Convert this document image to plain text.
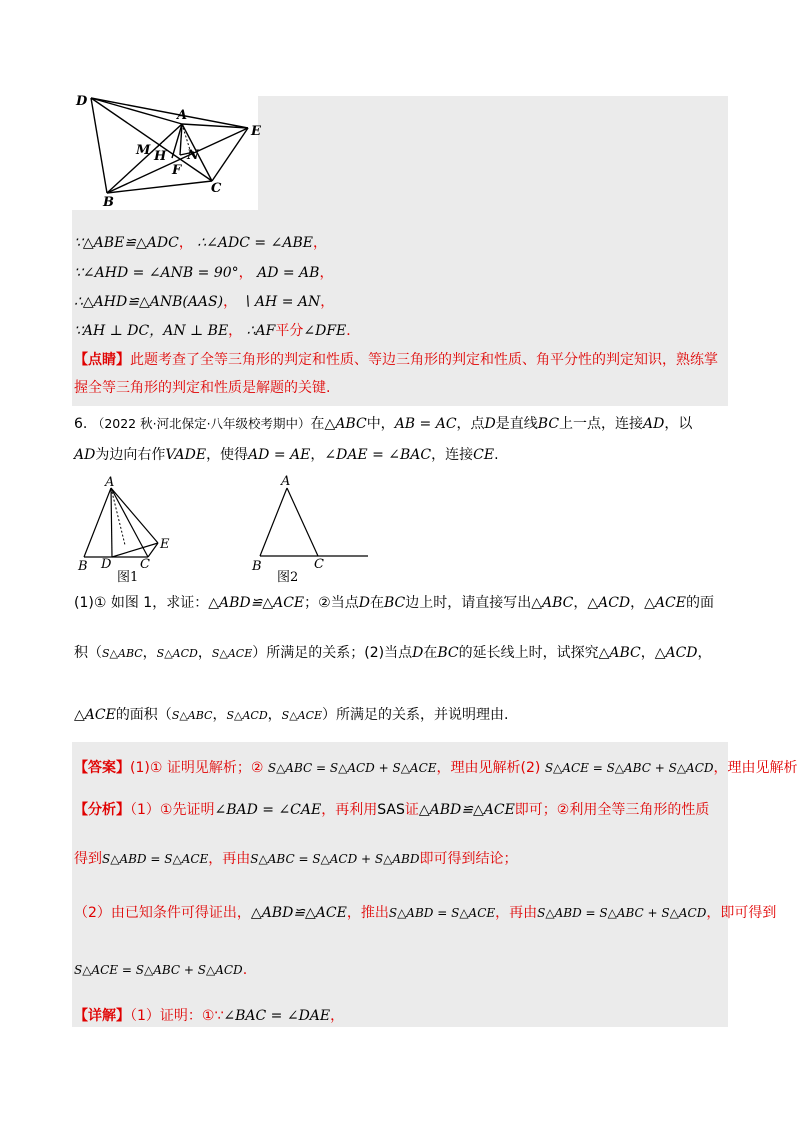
D
A
E
M H N
F
B
C
∵△ABE≌△ADC， ∴∠ADC = ∠ABE，
∵∠AHD = ∠ANB = 90°， AD = AB，
∴△AHD≌△ANB(AAS)， ∖ AH = AN，
∵AH ⊥ DC，AN ⊥ BE， ∴AF平分∠DFE．
【点睛】此题考查了全等三角形的判定和性质、等边三角形的判定和性质、角平分性的判定知识，熟练掌
握全等三角形的判定和性质是解题的关键.
6. （2022 秋·河北保定·八年级校考期中）在△ABC中，AB = AC，点D是直线BC上一点，连接AD，以
AD为边向右作VADE，使得AD = AE，∠DAE = ∠BAC，连接CE.
A
B D C
E
图1
A
B	C
图2
(1)① 如图 1，求证：△ABD≌△ACE；②当点D在BC边上时，请直接写出△ABC，△ACD，△ACE的面
积（S△ABC，S△ACD，S△ACE）所满足的关系；(2)当点D在BC的延长线上时，试探究△ABC，△ACD，
△ACE的面积（S△ABC，S△ACD，S△ACE）所满足的关系，并说明理由.
【答案】(1)① 证明见解析；② S△ABC = S△ACD + S△ACE，理由见解析(2) S△ACE = S△ABC + S△ACD，理由见解析
【分析】（1）①先证明∠BAD = ∠CAE，再利用SAS证△ABD≌△ACE即可；②利用全等三角形的性质
得到S△ABD = S△ACE，再由S△ABC = S△ACD + S△ABD即可得到结论；
（2）由已知条件可得证出，△ABD≌△ACE，推出S△ABD = S△ACE，再由S△ABD = S△ABC + S△ACD，即可得到
S△ACE = S△ABC + S△ACD.
【详解】（1）证明：①∵∠BAC = ∠DAE，
